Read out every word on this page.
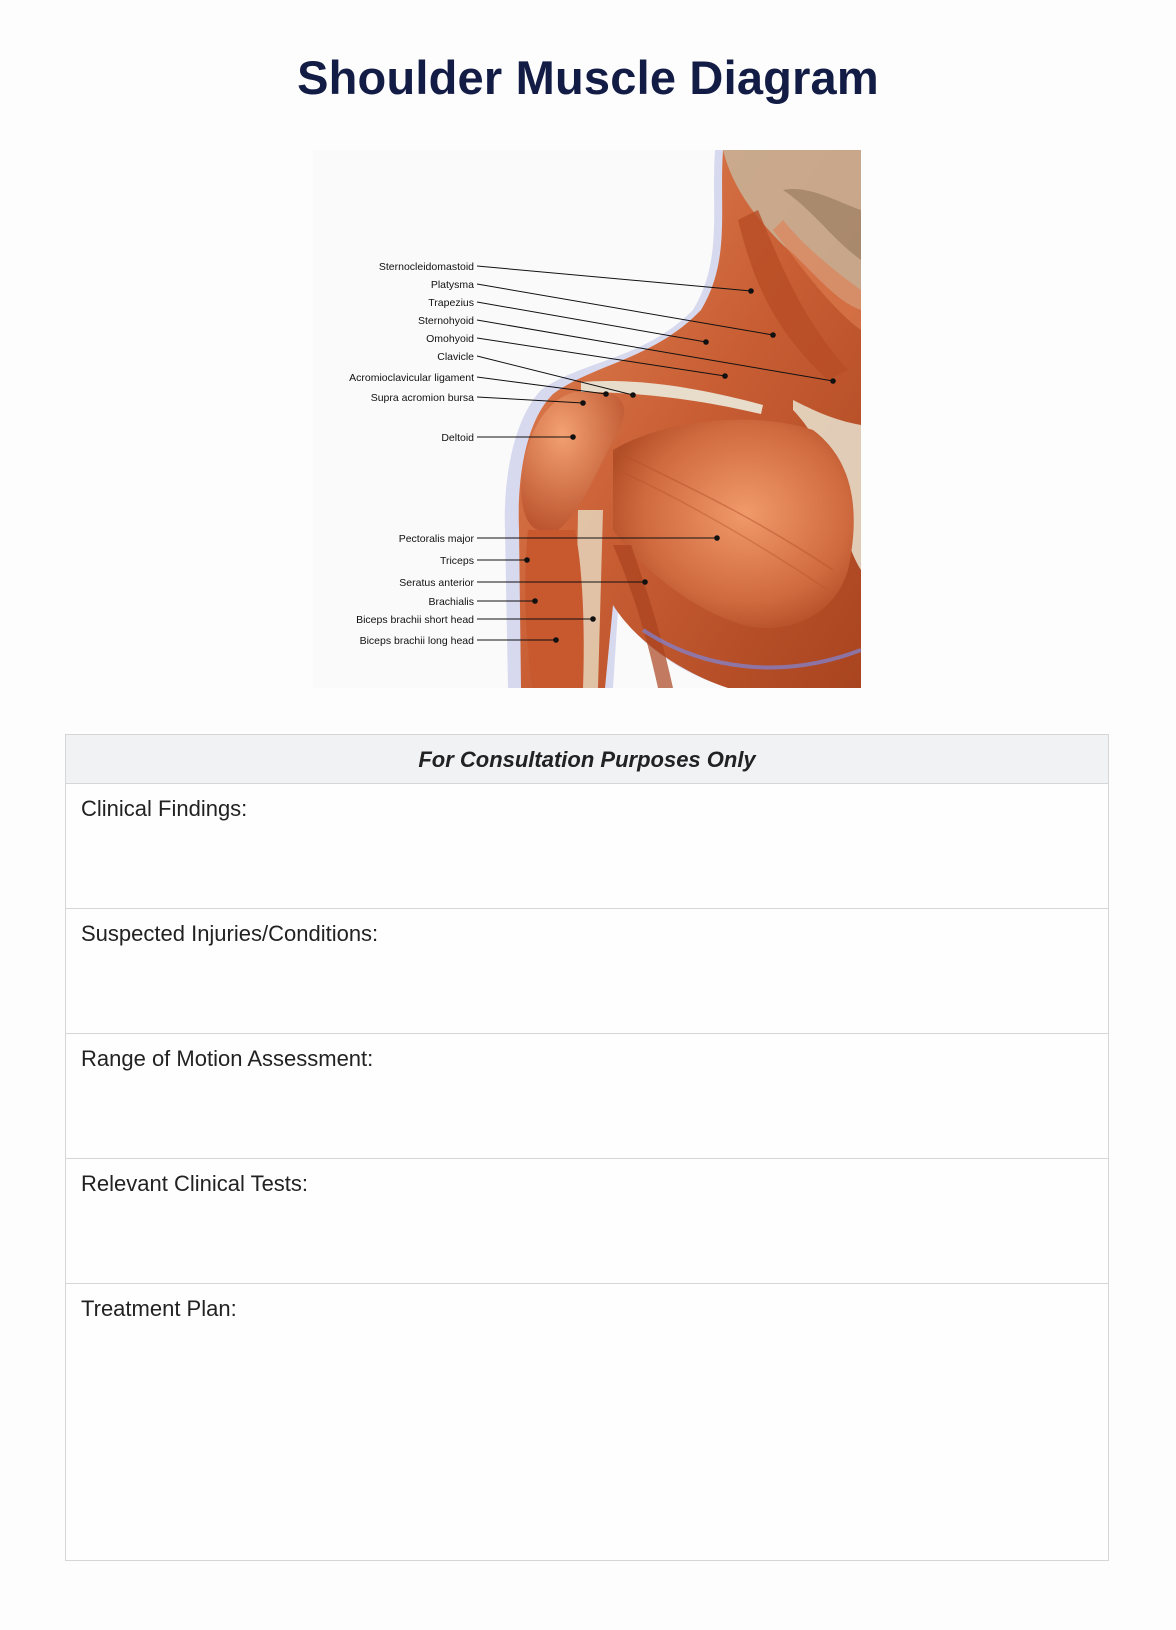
Shoulder Muscle Diagram
Sternocleidomastoid
Platysma
Trapezius
Sternohyoid
Omohyoid
Clavicle
Acromioclavicular ligament
Supra acromion bursa
Deltoid
Pectoralis major
Triceps
Seratus anterior
Brachialis
Biceps brachii short head
Biceps brachii long head
For Consultation Purposes Only
Clinical Findings:
Suspected Injuries/Conditions:
Range of Motion Assessment:
Relevant Clinical Tests:
Treatment Plan:
